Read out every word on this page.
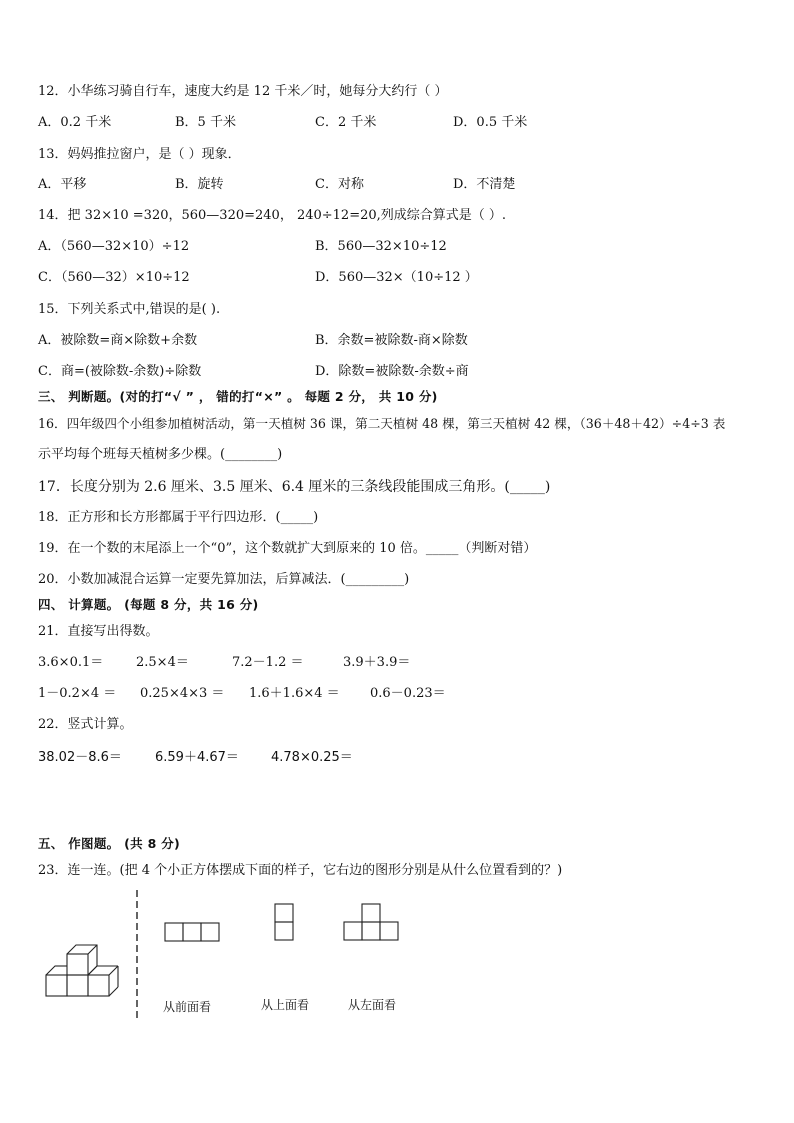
12．小华练习骑自行车，速度大约是 12 千米／时，她每分大约行（ ）
A．0.2 千米	B．5 千米	C．2 千米	D．0.5 千米
13．妈妈推拉窗户，是（ ）现象．
A．平移	B．旋转	C．对称	D．不清楚
14．把 32×10 =320，560—320=240， 240÷12=20,列成综合算式是（ ）.
A．（560—32×10）÷12	B．560—32×10÷12
C．（560—32）×10÷12	D．560—32×（10÷12 ）
15．下列关系式中,错误的是( ).
A．被除数=商×除数+余数	B．余数=被除数-商×除数
C．商=(被除数-余数)÷除数	D．除数=被除数-余数÷商
三、 判断题。(对的打“√ ” ， 错的打“×” 。 每题 2 分， 共 10 分)
16．四年级四个小组参加植树活动，第一天植树 36 课，第二天植树 48 棵，第三天植树 42 棵，（36＋48＋42）÷4÷3 表
示平均每个班每天植树多少棵。(________)
17．长度分别为 2.6 厘米、3.5 厘米、6.4 厘米的三条线段能围成三角形。(_____)
18．正方形和长方形都属于平行四边形．(_____)
19．在一个数的末尾添上一个“0”，这个数就扩大到原来的 10 倍。_____（判断对错）
20．小数加减混合运算一定要先算加法，后算减法．(_________)
四、 计算题。 (每题 8 分，共 16 分)
21．直接写出得数。
3.6×0.1＝	2.5×4＝	7.2－1.2 ＝	3.9＋3.9＝
1－0.2×4 ＝ 0.25×4×3 ＝ 1.6＋1.6×4 ＝ 0.6－0.23＝
22．竖式计算。
38.02－8.6＝	6.59＋4.67＝ 4.78×0.25＝
五、 作图题。 (共 8 分)
23．连一连。(把 4 个小正方体摆成下面的样子，它右边的图形分别是从什么位置看到的？)
从前面看	从上面看	从左面看
